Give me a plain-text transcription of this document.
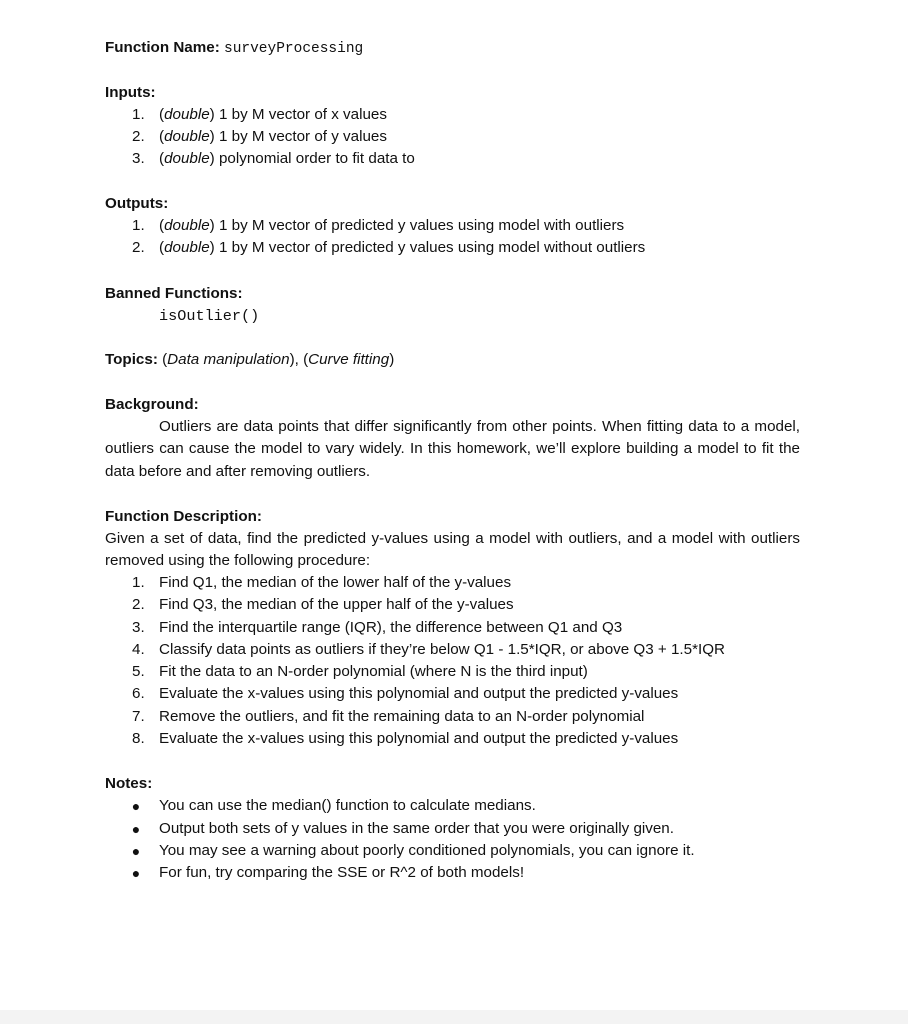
Function Name: surveyProcessing
Inputs:
1. (double) 1 by M vector of x values
2. (double) 1 by M vector of y values
3. (double) polynomial order to fit data to
Outputs:
1. (double) 1 by M vector of predicted y values using model with outliers
2. (double) 1 by M vector of predicted y values using model without outliers
Banned Functions:
isOutlier()
Topics: (Data manipulation), (Curve fitting)
Background:
Outliers are data points that differ significantly from other points. When fitting data to a model, outliers can cause the model to vary widely. In this homework, we’ll explore building a model to fit the data before and after removing outliers.
Function Description:
Given a set of data, find the predicted y-values using a model with outliers, and a model with outliers removed using the following procedure:
1. Find Q1, the median of the lower half of the y-values
2. Find Q3, the median of the upper half of the y-values
3. Find the interquartile range (IQR), the difference between Q1 and Q3
4. Classify data points as outliers if they’re below Q1 - 1.5*IQR, or above Q3 + 1.5*IQR
5. Fit the data to an N-order polynomial (where N is the third input)
6. Evaluate the x-values using this polynomial and output the predicted y-values
7. Remove the outliers, and fit the remaining data to an N-order polynomial
8. Evaluate the x-values using this polynomial and output the predicted y-values
Notes:
● You can use the median() function to calculate medians.
● Output both sets of y values in the same order that you were originally given.
● You may see a warning about poorly conditioned polynomials, you can ignore it.
● For fun, try comparing the SSE or R^2 of both models!
